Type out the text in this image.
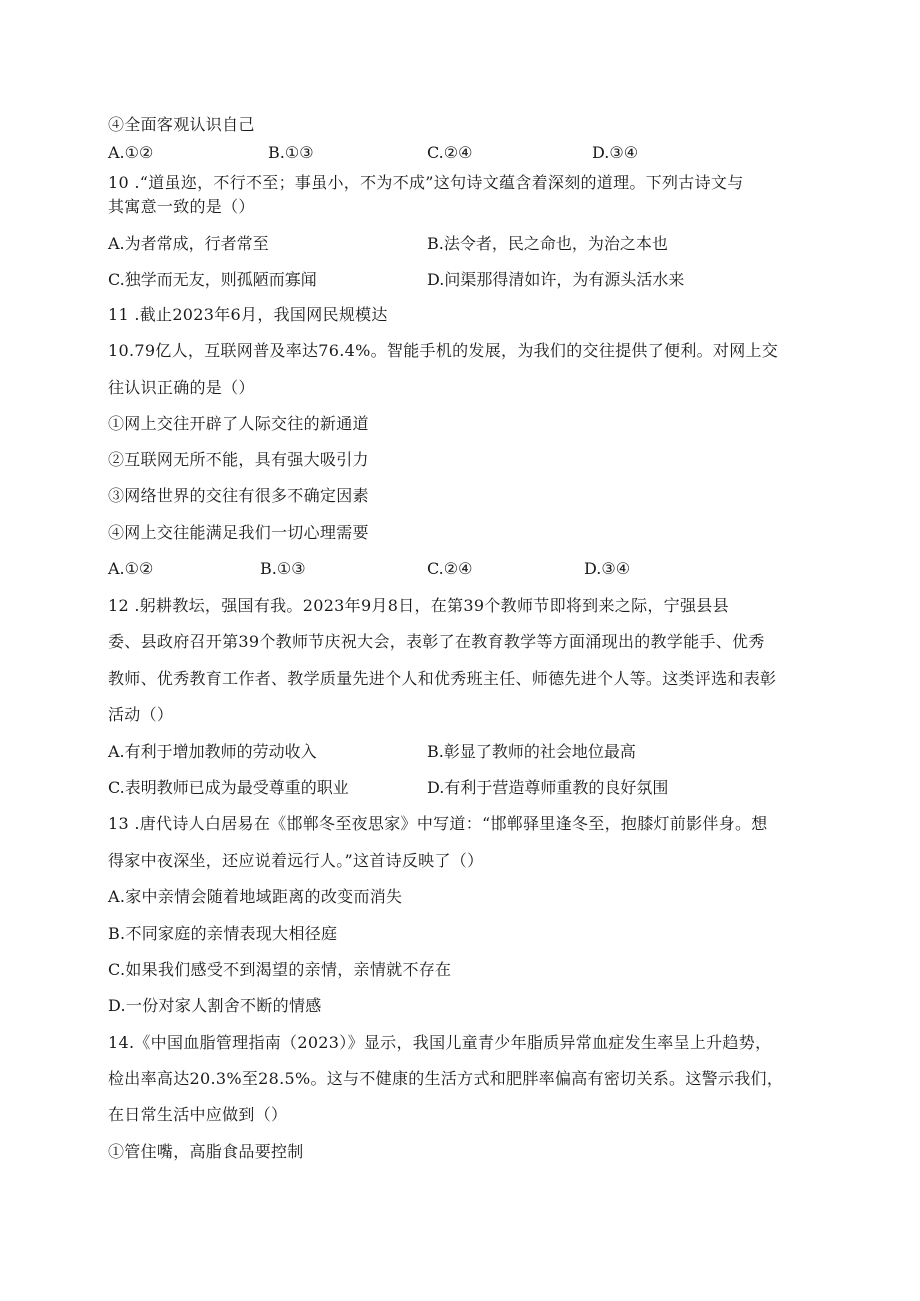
④全面客观认识自己
A.①②	B.①③	C.②④	D.③④
10 .“道虽迩，不行不至；事虽小，不为不成”这句诗文蕴含着深刻的道理。下列古诗文与
其寓意一致的是（）
A.为者常成，行者常至	B.法令者，民之命也，为治之本也
C.独学而无友，则孤陋而寡闻	D.问渠那得清如许，为有源头活水来
11 .截止2023年6月，我国网民规模达
10.79亿人，互联网普及率达76.4%。智能手机的发展，为我们的交往提供了便利。对网上交
往认识正确的是（）
①网上交往开辟了人际交往的新通道
②互联网无所不能，具有强大吸引力
③网络世界的交往有很多不确定因素
④网上交往能满足我们一切心理需要
A.①②	B.①③	C.②④	D.③④
12 .躬耕教坛，强国有我。2023年9月8日，在第39个教师节即将到来之际，宁强县县
委、县政府召开第39个教师节庆祝大会，表彰了在教育教学等方面涌现出的教学能手、优秀
教师、优秀教育工作者、教学质量先进个人和优秀班主任、师德先进个人等。这类评选和表彰
活动（）
A.有利于增加教师的劳动收入	B.彰显了教师的社会地位最高
C.表明教师已成为最受尊重的职业	D.有利于营造尊师重教的良好氛围
13 .唐代诗人白居易在《邯郸冬至夜思家》中写道：“邯郸驿里逢冬至，抱膝灯前影伴身。想
得家中夜深坐，还应说着远行人。”这首诗反映了（）
A.家中亲情会随着地域距离的改变而消失
B.不同家庭的亲情表现大相径庭
C.如果我们感受不到渴望的亲情，亲情就不存在
D.一份对家人割舍不断的情感
14.《中国血脂管理指南（2023）》显示，我国儿童青少年脂质异常血症发生率呈上升趋势，
检出率高达20.3%至28.5%。这与不健康的生活方式和肥胖率偏高有密切关系。这警示我们，
在日常生活中应做到（）
①管住嘴，高脂食品要控制
